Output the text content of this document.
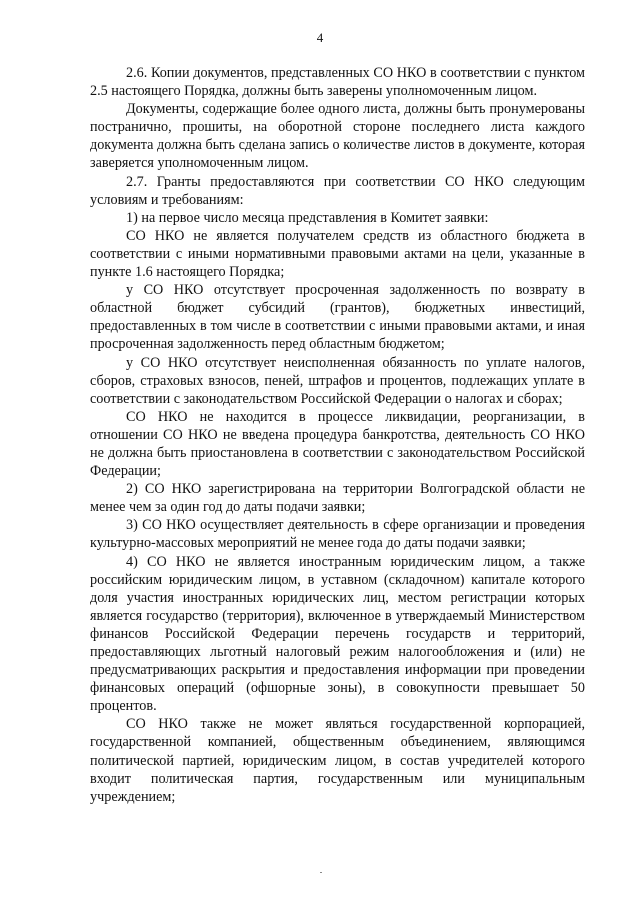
4

2.6. Копии документов, представленных СО НКО в соответствии с пунктом 2.5 настоящего Порядка, должны быть заверены уполномоченным лицом.

Документы, содержащие более одного листа, должны быть пронумерованы постранично, прошиты, на оборотной стороне последнего листа каждого документа должна быть сделана запись о количестве листов в документе, которая заверяется уполномоченным лицом.

2.7. Гранты предоставляются при соответствии СО НКО следующим условиям и требованиям:

1) на первое число месяца представления в Комитет заявки:

СО НКО не является получателем средств из областного бюджета в соответствии с иными нормативными правовыми актами на цели, указанные в пункте 1.6 настоящего Порядка;

у СО НКО отсутствует просроченная задолженность по возврату в областной бюджет субсидий (грантов), бюджетных инвестиций, предоставленных в том числе в соответствии с иными правовыми актами, и иная просроченная задолженность перед областным бюджетом;

у СО НКО отсутствует неисполненная обязанность по уплате налогов, сборов, страховых взносов, пеней, штрафов и процентов, подлежащих уплате в соответствии с законодательством Российской Федерации о налогах и сборах;

СО НКО не находится в процессе ликвидации, реорганизации, в отношении СО НКО не введена процедура банкротства, деятельность СО НКО не должна быть приостановлена в соответствии с законодательством Российской Федерации;

2) СО НКО зарегистрирована на территории Волгоградской области не менее чем за один год до даты подачи заявки;

3) СО НКО осуществляет деятельность в сфере организации и проведения культурно-массовых мероприятий не менее года до даты подачи заявки;

4) СО НКО не является иностранным юридическим лицом, а также российским юридическим лицом, в уставном (складочном) капитале которого доля участия иностранных юридических лиц, местом регистрации которых является государство (территория), включенное в утверждаемый Министерством финансов Российской Федерации перечень государств и территорий, предоставляющих льготный налоговый режим налогообложения и (или) не предусматривающих раскрытия и предоставления информации при проведении финансовых операций (офшорные зоны), в совокупности превышает 50 процентов.

СО НКО также не может являться государственной корпорацией, государственной компанией, общественным объединением, являющимся политической партией, юридическим лицом, в состав учредителей которого входит политическая партия, государственным или муниципальным учреждением;
